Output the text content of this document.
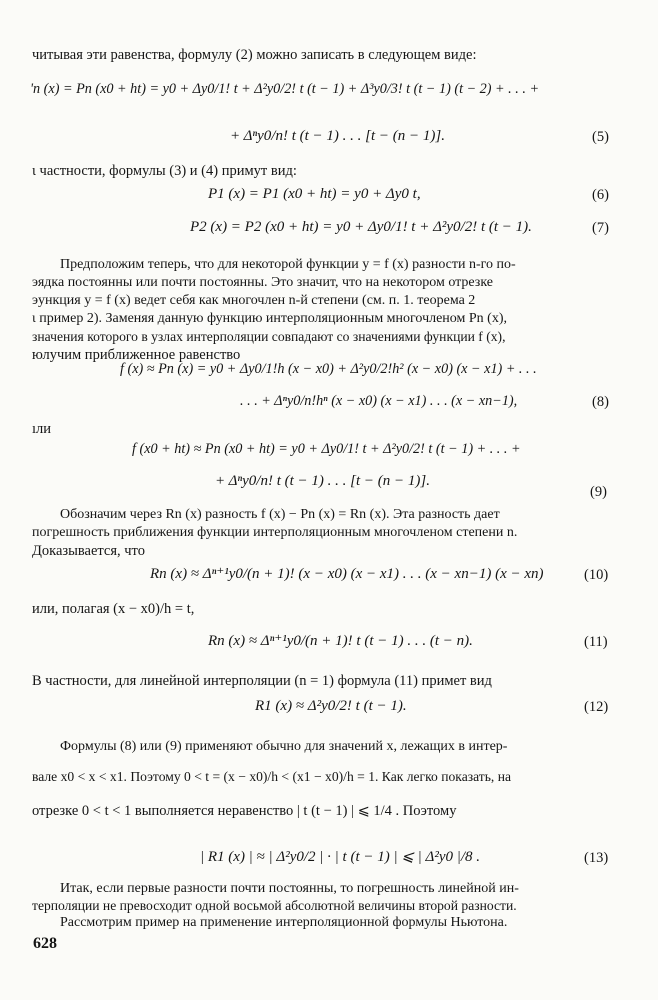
читывая эти равенства, формулу (2) можно записать в следующем виде:
'n (x) = Pn (x0 + ht) = y0 + Δy0/1! t + Δ²y0/2! t (t − 1) + Δ³y0/3! t (t − 1) (t − 2) + . . . +
+ Δⁿy0/n! t (t − 1) . . . [t − (n − 1)].	(5)
ι частности, формулы (3) и (4) примут вид:
P1 (x) = P1 (x0 + ht) = y0 + Δy0 t,	(6)
P2 (x) = P2 (x0 + ht) = y0 + Δy0/1! t + Δ²y0/2! t (t − 1).	(7)
Предположим теперь, что для некоторой функции y = f (x) разности n-го по-
эядка постоянны или почти постоянны. Это значит, что на некотором отрезке
эункция y = f (x) ведет себя как многочлен n-й степени (см. п. 1. теорема 2
ι пример 2). Заменяя данную функцию интерполяционным многочленом Pn (x),
значения которого в узлах интерполяции совпадают со значениями функции f (x),
юлучим приближенное равенство
f (x) ≈ Pn (x) = y0 + Δy0/1!h (x − x0) + Δ²y0/2!h² (x − x0) (x − x1) + . . .
. . . + Δⁿy0/n!hⁿ (x − x0) (x − x1) . . . (x − xn−1),	(8)
ıли
f (x0 + ht) ≈ Pn (x0 + ht) = y0 + Δy0/1! t + Δ²y0/2! t (t − 1) + . . . +
+ Δⁿy0/n! t (t − 1) . . . [t − (n − 1)].
(9)
Обозначим через Rn (x) разность f (x) − Pn (x) = Rn (x). Эта разность дает
погрешность приближения функции интерполяционным многочленом степени n.
Доказывается, что
Rn (x) ≈ Δⁿ⁺¹y0/(n + 1)! (x − x0) (x − x1) . . . (x − xn−1) (x − xn)	(10)
или, полагая (x − x0)/h = t,
Rn (x) ≈ Δⁿ⁺¹y0/(n + 1)! t (t − 1) . . . (t − n).	(11)
В частности, для линейной интерполяции (n = 1) формула (11) примет вид
R1 (x) ≈ Δ²y0/2! t (t − 1).	(12)
Формулы (8) или (9) применяют обычно для значений x, лежащих в интер-
вале x0 < x < x1. Поэтому 0 < t = (x − x0)/h < (x1 − x0)/h = 1. Как легко показать, на
отрезке 0 < t < 1 выполняется неравенство | t (t − 1) | ⩽ 1/4 . Поэтому
| R1 (x) | ≈ | Δ²y0/2 | · | t (t − 1) | ⩽ | Δ²y0 |/8 .	(13)
Итак, если первые разности почти постоянны, то погрешность линейной ин-
терполяции не превосходит одной восьмой абсолютной величины второй разности.
Рассмотрим пример на применение интерполяционной формулы Ньютона.
628
